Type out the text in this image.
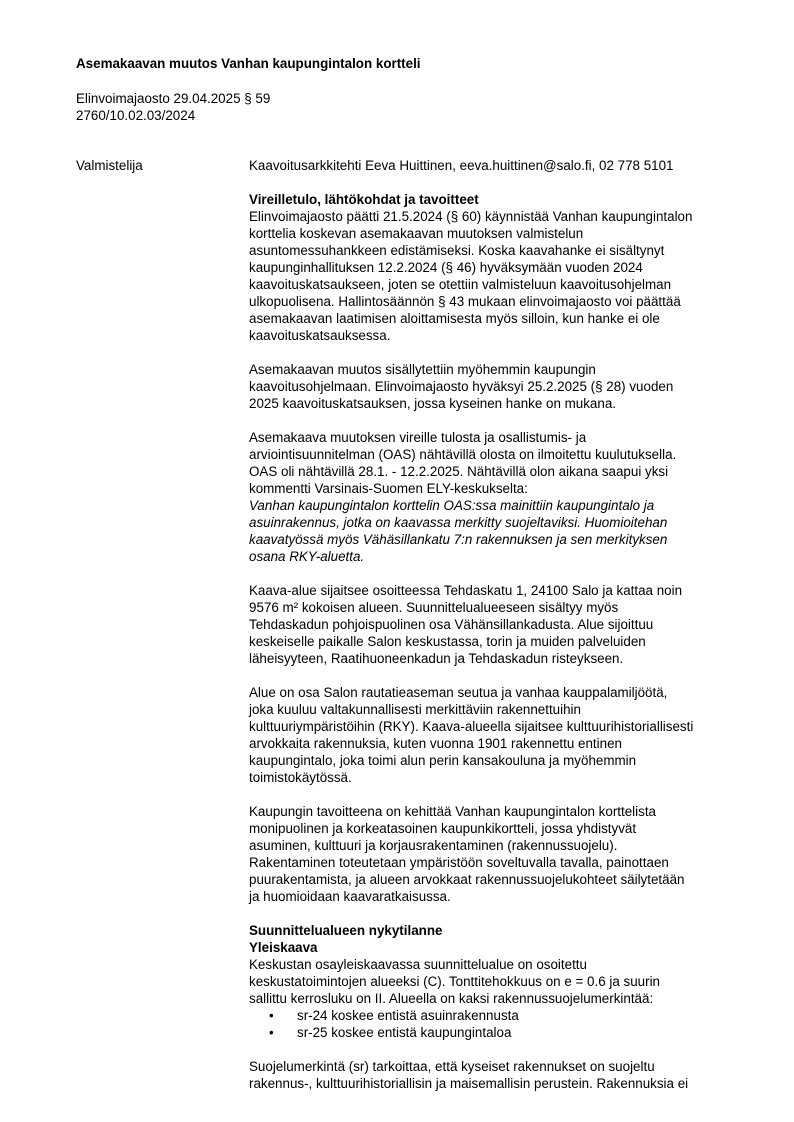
Asemakaavan muutos Vanhan kaupungintalon kortteli
Elinvoimajaosto 29.04.2025 § 59
2760/10.02.03/2024
Valmistelija	Kaavoitusarkkitehti Eeva Huittinen, eeva.huittinen@salo.fi, 02 778 5101
Vireilletulo, lähtökohdat ja tavoitteet
Elinvoimajaosto päätti 21.5.2024 (§ 60) käynnistää Vanhan kaupungintalon
korttelia koskevan asemakaavan muutoksen valmistelun
asuntomessuhankkeen edistämiseksi. Koska kaavahanke ei sisältynyt
kaupunginhallituksen 12.2.2024 (§ 46) hyväksymään vuoden 2024
kaavoituskatsaukseen, joten se otettiin valmisteluun kaavoitusohjelman
ulkopuolisena. Hallintosäännön § 43 mukaan elinvoimajaosto voi päättää
asemakaavan laatimisen aloittamisesta myös silloin, kun hanke ei ole
kaavoituskatsauksessa.
Asemakaavan muutos sisällytettiin myöhemmin kaupungin
kaavoitusohjelmaan. Elinvoimajaosto hyväksyi 25.2.2025 (§ 28) vuoden
2025 kaavoituskatsauksen, jossa kyseinen hanke on mukana.
Asemakaava muutoksen vireille tulosta ja osallistumis- ja
arviointisuunnitelman (OAS) nähtävillä olosta on ilmoitettu kuulutuksella.
OAS oli nähtävillä 28.1. - 12.2.2025. Nähtävillä olon aikana saapui yksi
kommentti Varsinais-Suomen ELY-keskukselta:
Vanhan kaupungintalon korttelin OAS:ssa mainittiin kaupungintalo ja
asuinrakennus, jotka on kaavassa merkitty suojeltaviksi. Huomioitehan
kaavatyössä myös Vähäsillankatu 7:n rakennuksen ja sen merkityksen
osana RKY-aluetta.
Kaava-alue sijaitsee osoitteessa Tehdaskatu 1, 24100 Salo ja kattaa noin
9576 m² kokoisen alueen. Suunnittelualueeseen sisältyy myös
Tehdaskadun pohjoispuolinen osa Vähänsillankadusta. Alue sijoittuu
keskeiselle paikalle Salon keskustassa, torin ja muiden palveluiden
läheisyyteen, Raatihuoneenkadun ja Tehdaskadun risteykseen.
Alue on osa Salon rautatieaseman seutua ja vanhaa kauppalamiljöötä,
joka kuuluu valtakunnallisesti merkittäviin rakennettuihin
kulttuuriympäristöihin (RKY). Kaava-alueella sijaitsee kulttuurihistoriallisesti
arvokkaita rakennuksia, kuten vuonna 1901 rakennettu entinen
kaupungintalo, joka toimi alun perin kansakouluna ja myöhemmin
toimistokäytössä.
Kaupungin tavoitteena on kehittää Vanhan kaupungintalon korttelista
monipuolinen ja korkeatasoinen kaupunkikortteli, jossa yhdistyvät
asuminen, kulttuuri ja korjausrakentaminen (rakennussuojelu).
Rakentaminen toteutetaan ympäristöön soveltuvalla tavalla, painottaen
puurakentamista, ja alueen arvokkaat rakennussuojelukohteet säilytetään
ja huomioidaan kaavaratkaisussa.
Suunnittelualueen nykytilanne
Yleiskaava
Keskustan osayleiskaavassa suunnittelualue on osoitettu
keskustatoimintojen alueeksi (C). Tonttitehokkuus on e = 0.6 ja suurin
sallittu kerrosluku on II. Alueella on kaksi rakennussuojelumerkintää:
• sr-24 koskee entistä asuinrakennusta
• sr-25 koskee entistä kaupungintaloa
Suojelumerkintä (sr) tarkoittaa, että kyseiset rakennukset on suojeltu
rakennus-, kulttuurihistoriallisin ja maisemallisin perustein. Rakennuksia ei
